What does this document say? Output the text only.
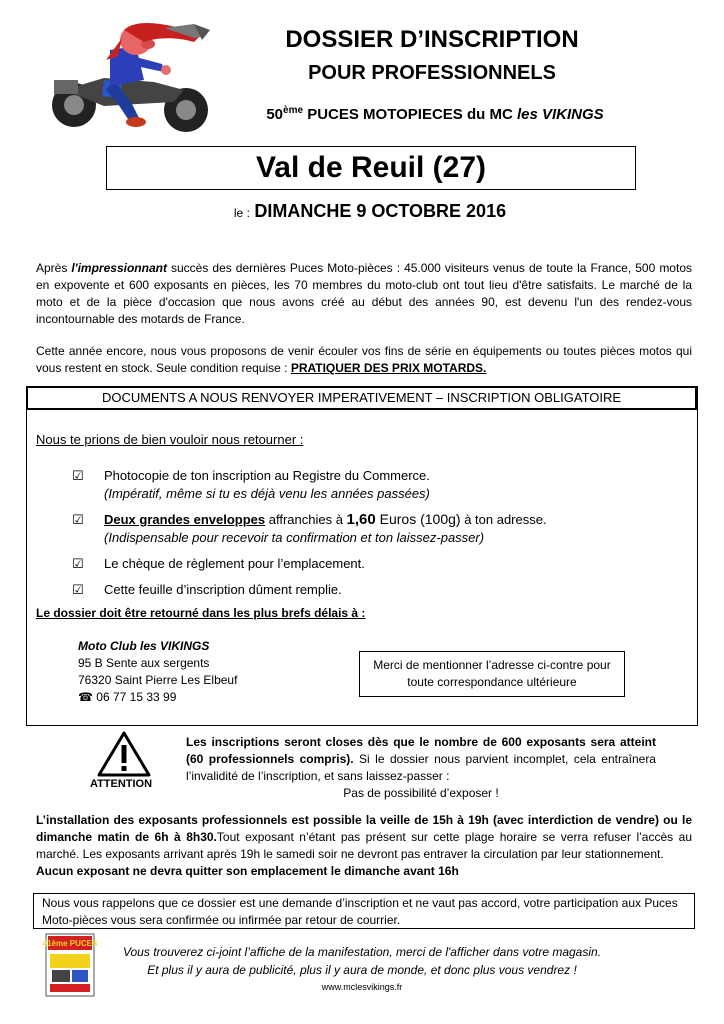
DOSSIER D’INSCRIPTION
POUR PROFESSIONNELS
50ème PUCES MOTOPIECES du MC les VIKINGS
Val de Reuil (27)
le : DIMANCHE 9 OCTOBRE 2016
Après l'impressionnant succès des dernières Puces Moto-pièces : 45.000 visiteurs venus de toute la France, 500 motos en expovente et 600 exposants en pièces, les 70 membres du moto-club ont tout lieu d'être satisfaits. Le marché de la moto et de la pièce d'occasion que nous avons créé au début des années 90, est devenu l'un des rendez-vous incontournable des motards de France.
Cette année encore, nous vous proposons de venir écouler vos fins de série en équipements ou toutes pièces motos qui vous restent en stock. Seule condition requise : PRATIQUER DES PRIX MOTARDS.
DOCUMENTS A NOUS RENVOYER IMPERATIVEMENT – INSCRIPTION OBLIGATOIRE
Nous te prions de bien vouloir nous retourner :
☑ Photocopie de ton inscription au Registre du Commerce.
(Impératif, même si tu es déjà venu les années passées)
☑ Deux grandes enveloppes affranchies à 1,60 Euros (100g) à ton adresse.
(Indispensable pour recevoir ta confirmation et ton laissez-passer)
☑ Le chèque de règlement pour l’emplacement.
☑ Cette feuille d’inscription dûment remplie.
Le dossier doit être retourné dans les plus brefs délais à :
Moto Club les VIKINGS
95 B Sente aux sergents
76320 Saint Pierre Les Elbeuf
☎ 06 77 15 33 99
Merci de mentionner l’adresse ci-contre pour toute correspondance ultérieure
ATTENTION
Les inscriptions seront closes dès que le nombre de 600 exposants sera atteint (60 professionnels compris). Si le dossier nous parvient incomplet, cela entraînera l’invalidité de l’inscription, et sans laissez-passer :
Pas de possibilité d’exposer !
L’installation des exposants professionnels est possible la veille de 15h à 19h (avec interdiction de vendre) ou le dimanche matin de 6h à 8h30.Tout exposant n’étant pas présent sur cette plage horaire se verra refuser l’accès au marché. Les exposants arrivant après 19h le samedi soir ne devront pas entraver la circulation par leur stationnement.
Aucun exposant ne devra quitter son emplacement le dimanche avant 16h
Nous vous rappelons que ce dossier est une demande d’inscription et ne vaut pas accord, votre participation aux Puces Moto-pièces vous sera confirmée ou infirmée par retour de courrier.
41ème PUCES
Vous trouverez ci-joint l’affiche de la manifestation, merci de l'afficher dans votre magasin.
Et plus il y aura de publicité, plus il y aura de monde, et donc plus vous vendrez !
www.mclesvikings.fr
